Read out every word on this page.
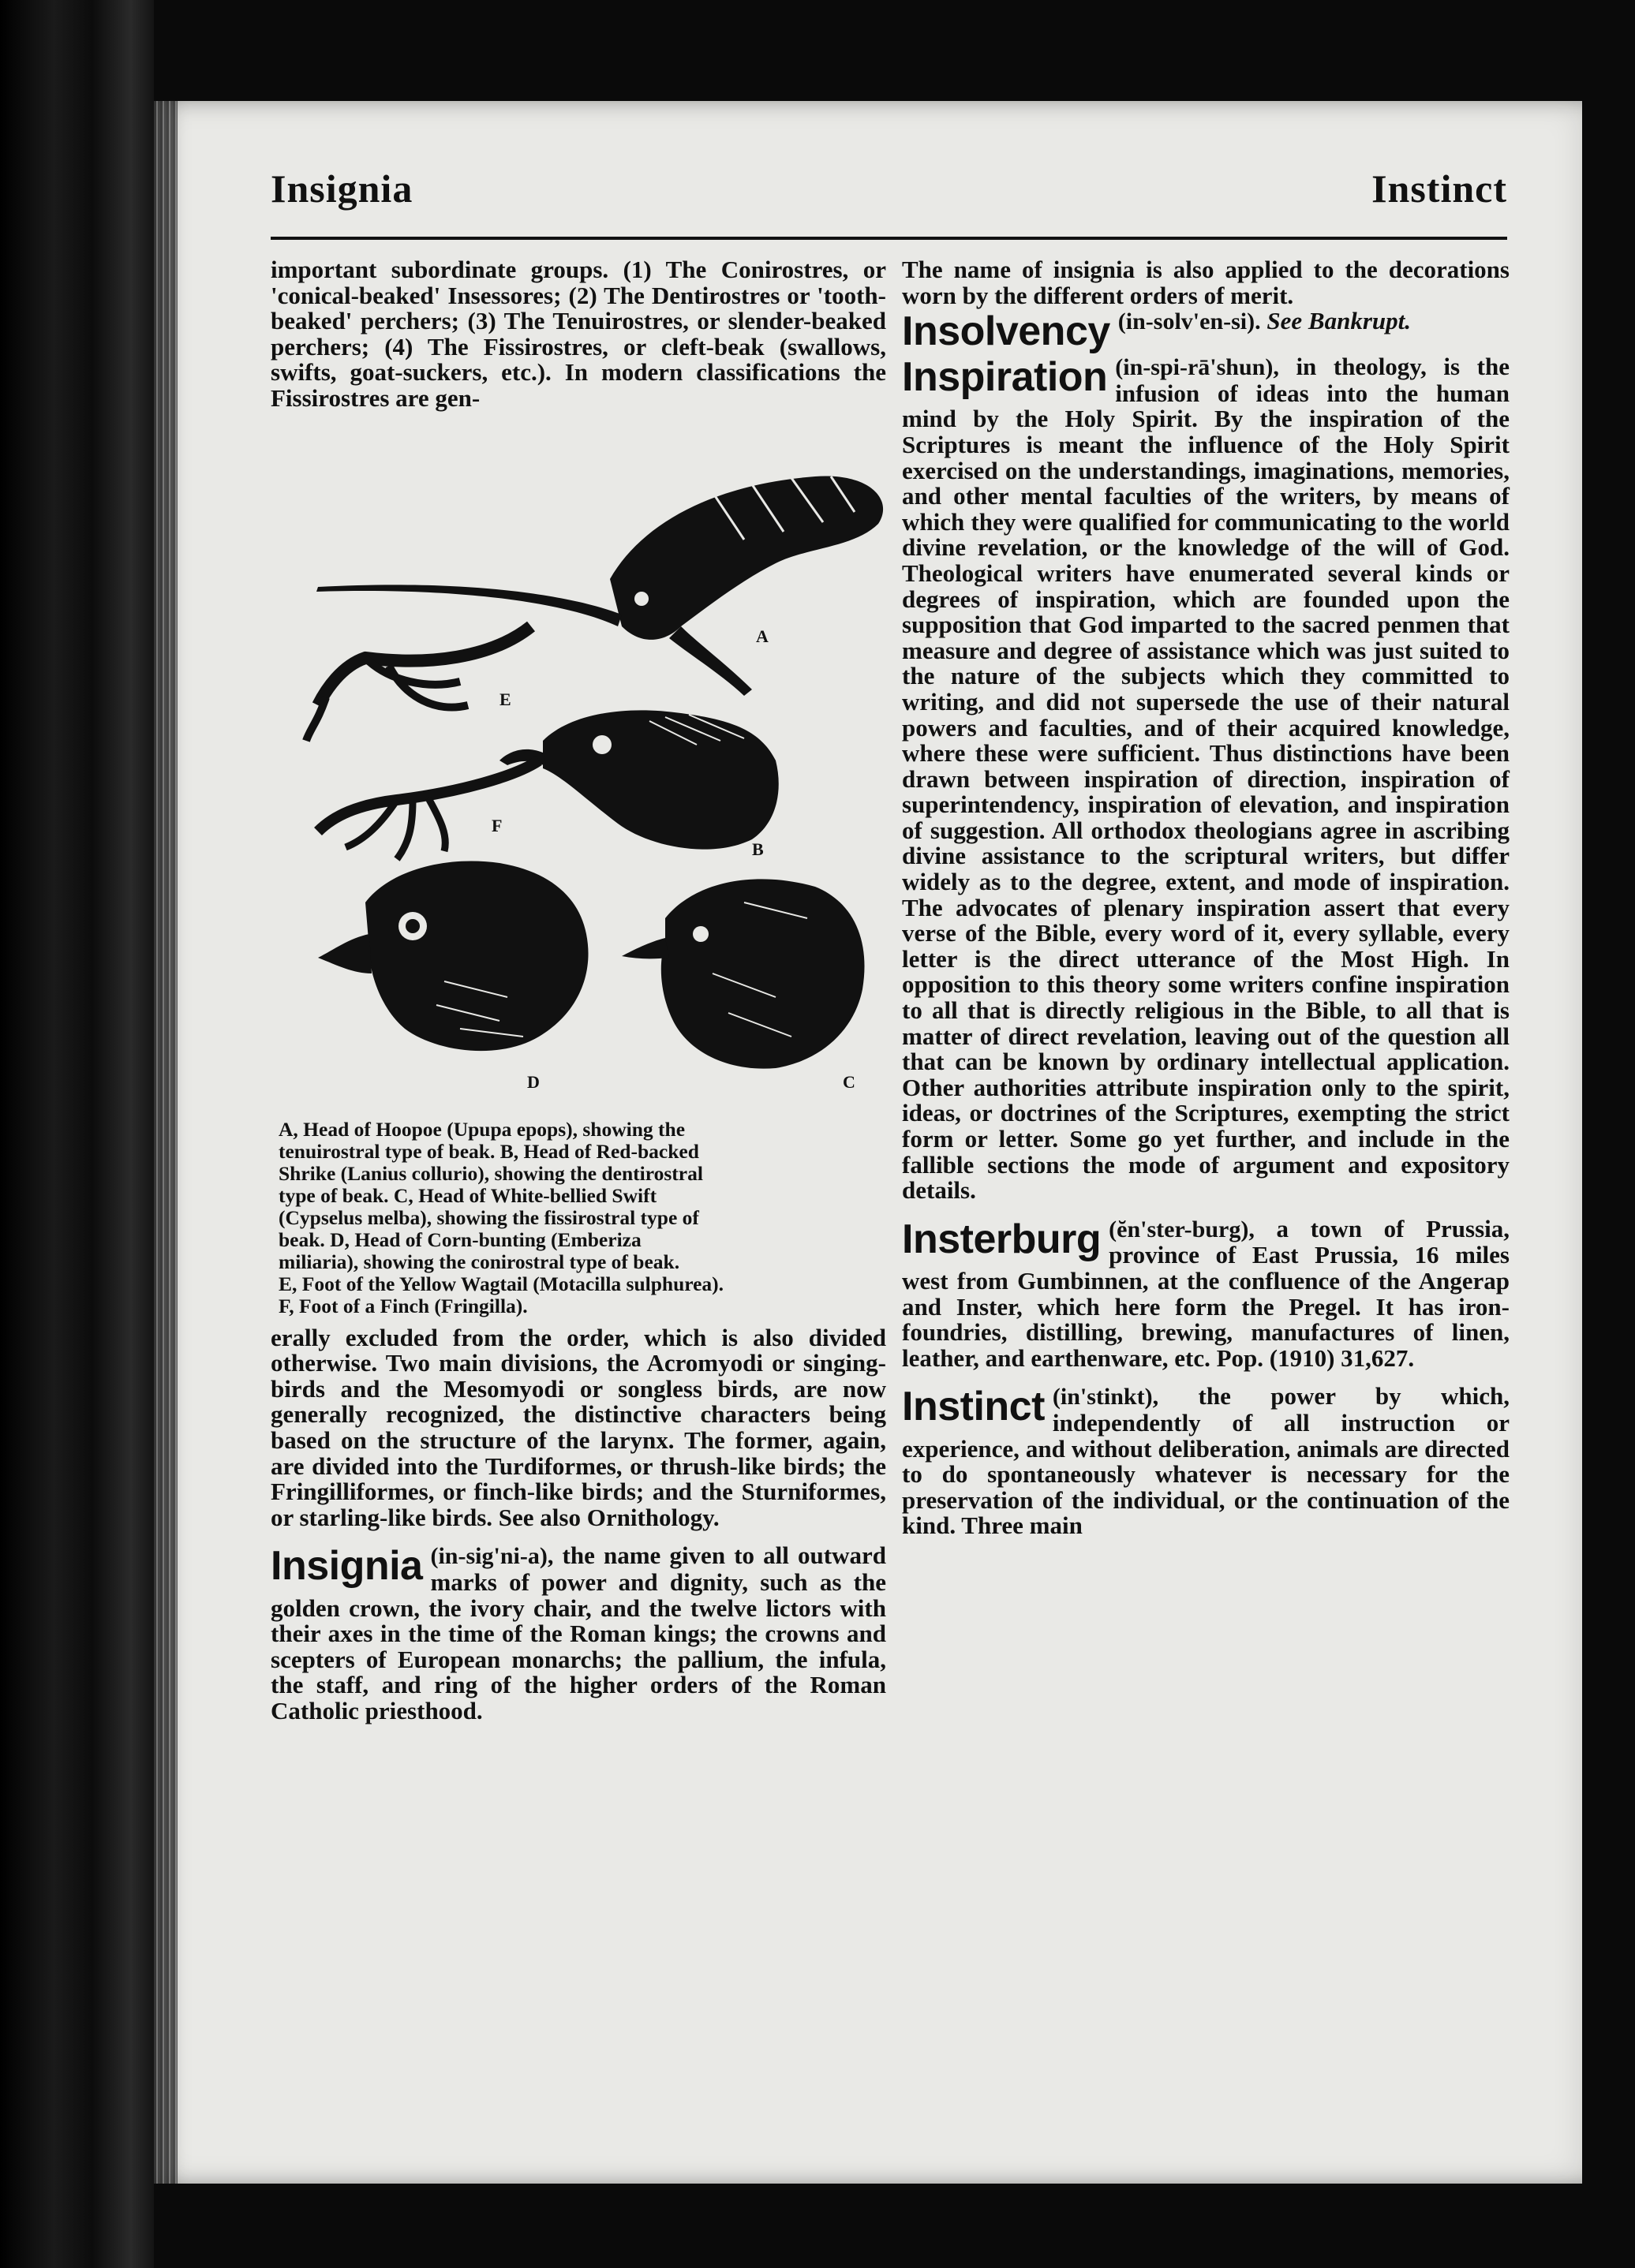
Insignia	Instinct

important subordinate groups. (1) The Conirostres, or 'conical-beaked' Insessores; (2) The Dentirostres or 'tooth-beaked' perchers; (3) The Tenuirostres, or slender-beaked perchers; (4) The Fissirostres, or cleft-beak (swallows, swifts, goat-suckers, etc.). In modern classifications the Fissirostres are gen-

A
B
C
D
E
F
A, Head of Hoopoe (Upupa epops), showing the
tenuirostral type of beak. B, Head of Red-backed
Shrike (Lanius collurio), showing the dentirostral
type of beak. C, Head of White-bellied Swift
(Cypselus melba), showing the fissirostral type of
beak. D, Head of Corn-bunting (Emberiza
miliaria), showing the conirostral type of beak.
E, Foot of the Yellow Wagtail (Motacilla sulphurea).
F, Foot of a Finch (Fringilla).

erally excluded from the order, which is also divided otherwise. Two main divisions, the Acromyodi or singing-birds and the Mesomyodi or songless birds, are now generally recognized, the distinctive characters being based on the structure of the larynx. The former, again, are divided into the Turdiformes, or thrush-like birds; the Fringilliformes, or finch-like birds; and the Sturniformes, or starling-like birds. See also Ornithology.

Insignia (in-sig'ni-a), the name given to all outward marks of power and dignity, such as the golden crown, the ivory chair, and the twelve lictors with their axes in the time of the Roman kings; the crowns and scepters of European monarchs; the pallium, the infula, the staff, and ring of the higher orders of the Roman Catholic priesthood.

The name of insignia is also applied to the decorations worn by the different orders of merit.

Insolvency (in-solv'en-si). See Bankrupt.

Inspiration (in-spi-rā'shun), in theology, is the infusion of ideas into the human mind by the Holy Spirit. By the inspiration of the Scriptures is meant the influence of the Holy Spirit exercised on the understandings, imaginations, memories, and other mental faculties of the writers, by means of which they were qualified for communicating to the world divine revelation, or the knowledge of the will of God. Theological writers have enumerated several kinds or degrees of inspiration, which are founded upon the supposition that God imparted to the sacred penmen that measure and degree of assistance which was just suited to the nature of the subjects which they committed to writing, and did not supersede the use of their natural powers and faculties, and of their acquired knowledge, where these were sufficient. Thus distinctions have been drawn between inspiration of direction, inspiration of superintendency, inspiration of elevation, and inspiration of suggestion. All orthodox theologians agree in ascribing divine assistance to the scriptural writers, but differ widely as to the degree, extent, and mode of inspiration. The advocates of plenary inspiration assert that every verse of the Bible, every word of it, every syllable, every letter is the direct utterance of the Most High. In opposition to this theory some writers confine inspiration to all that is directly religious in the Bible, to all that is matter of direct revelation, leaving out of the question all that can be known by ordinary intellectual application. Other authorities attribute inspiration only to the spirit, ideas, or doctrines of the Scriptures, exempting the strict form or letter. Some go yet further, and include in the fallible sections the mode of argument and expository details.

Insterburg (ĕn'ster-burg), a town of Prussia, province of East Prussia, 16 miles west from Gumbinnen, at the confluence of the Angerap and Inster, which here form the Pregel. It has iron-foundries, distilling, brewing, manufactures of linen, leather, and earthenware, etc. Pop. (1910) 31,627.

Instinct (in'stinkt), the power by which, independently of all instruction or experience, and without deliberation, animals are directed to do spontaneously whatever is necessary for the preservation of the individual, or the continuation of the kind. Three main
